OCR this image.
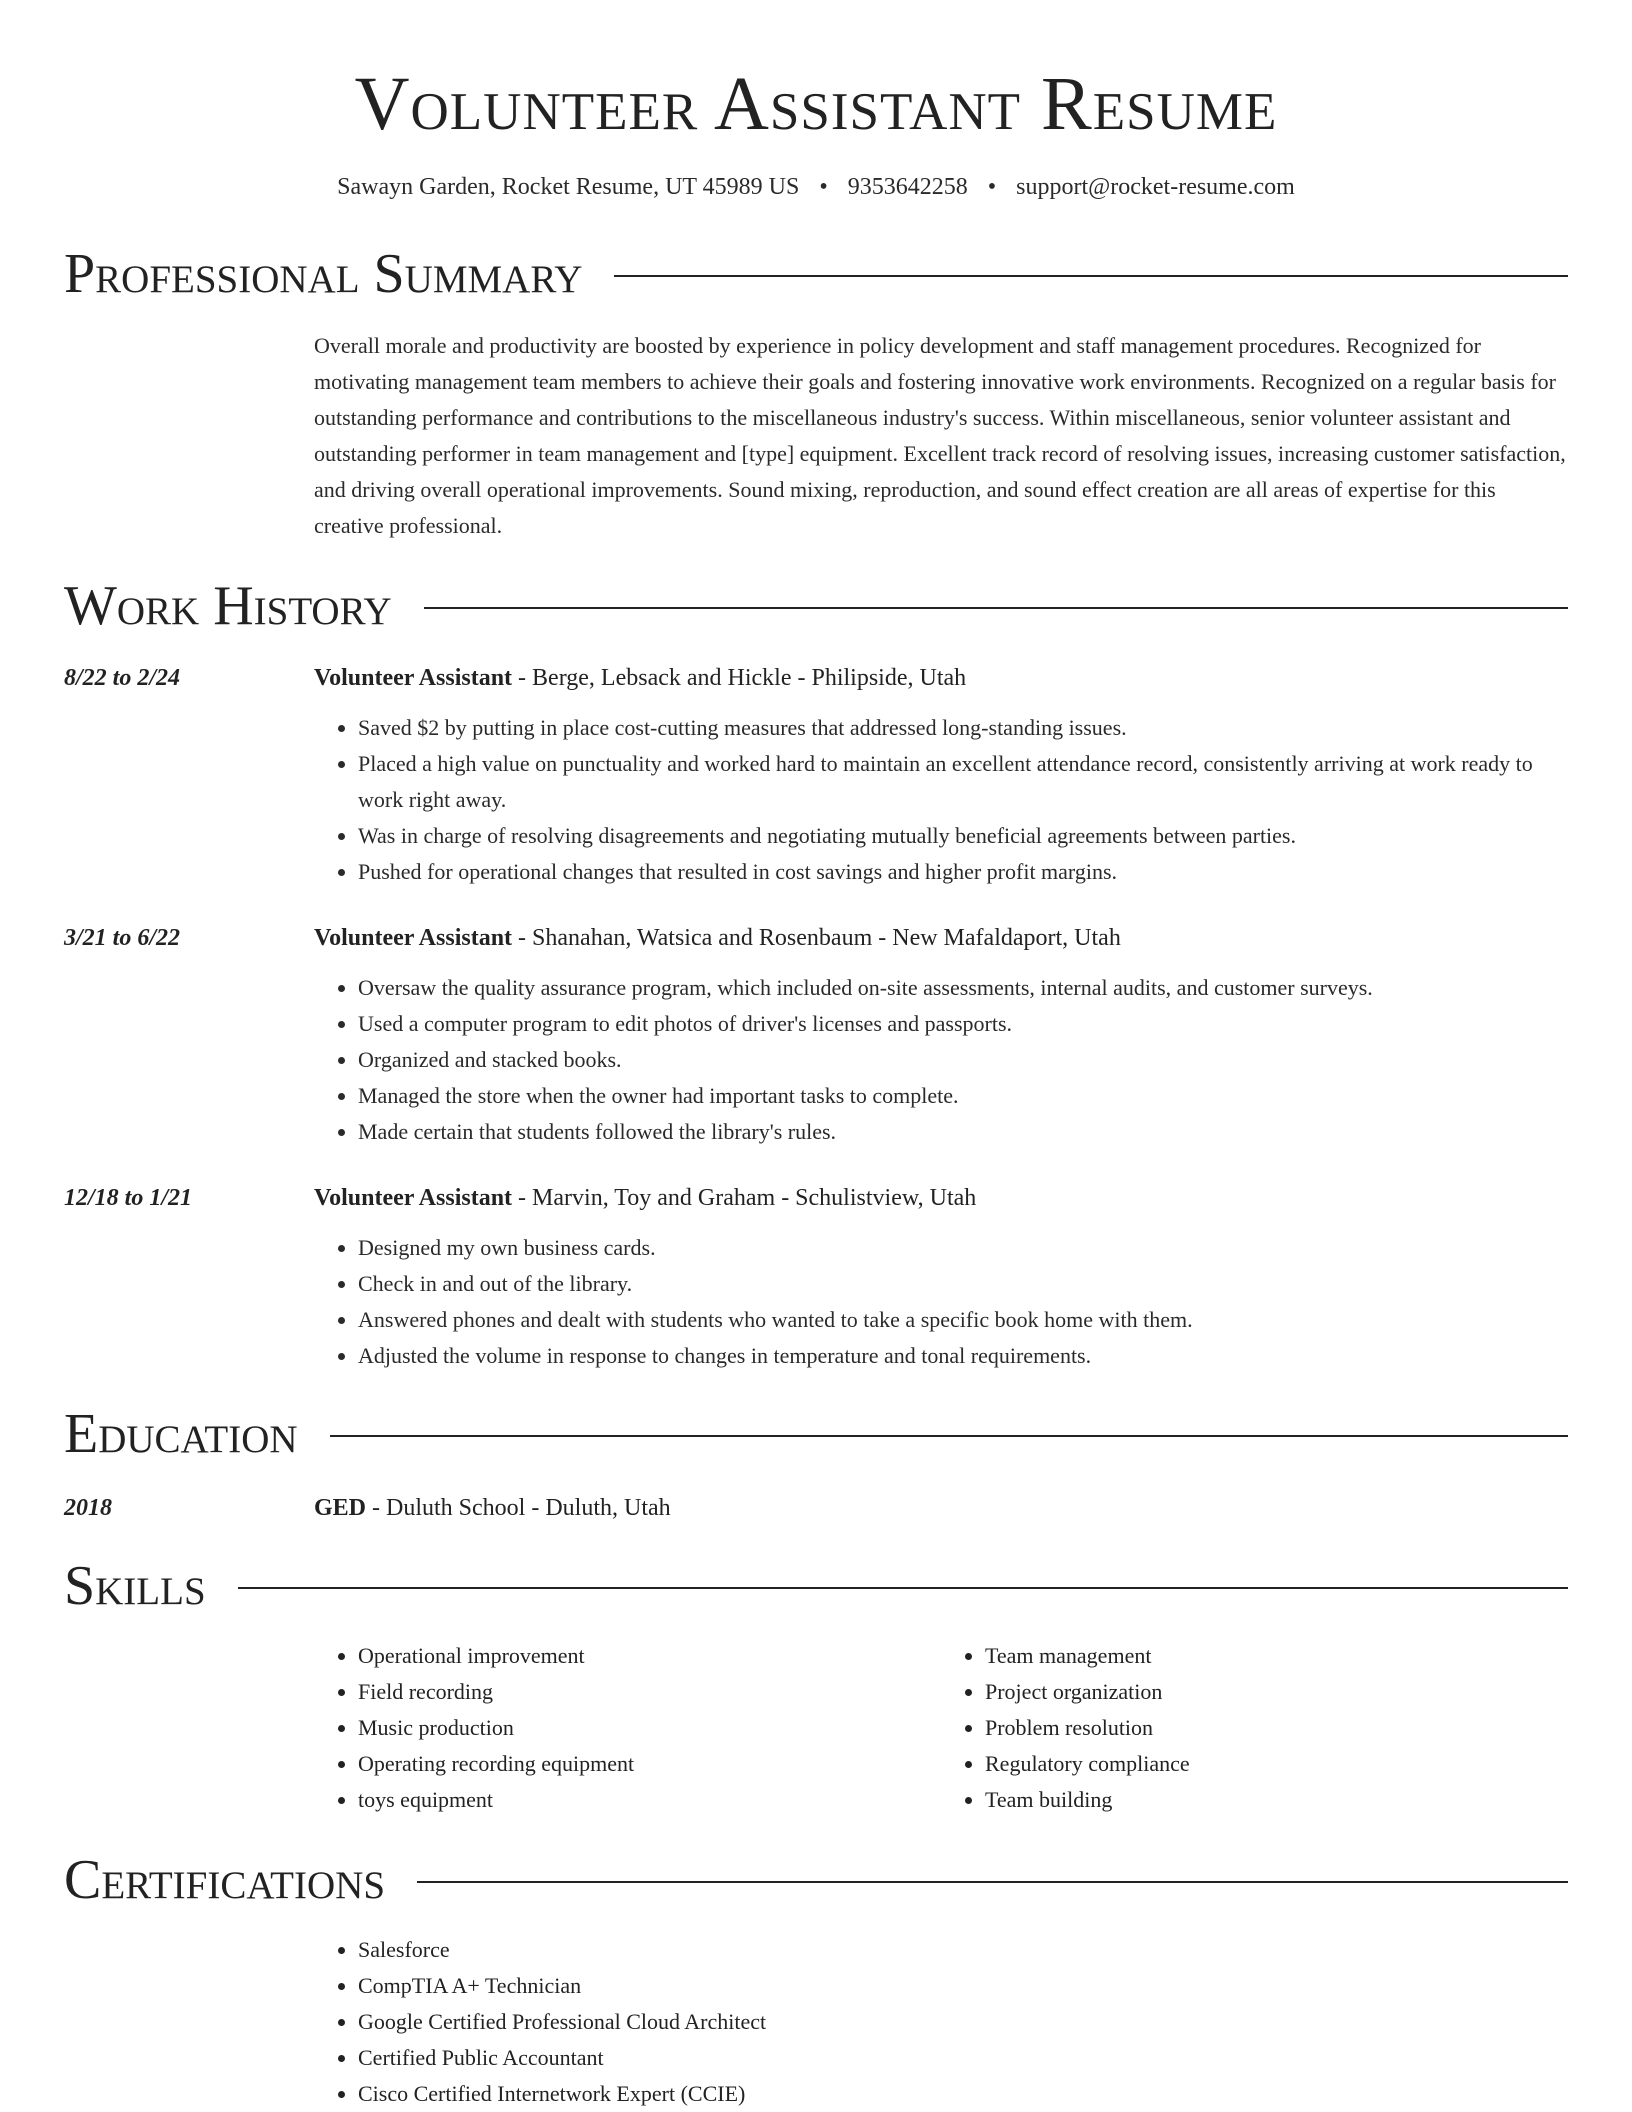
Volunteer Assistant Resume
Sawayn Garden, Rocket Resume, UT 45989 US • 9353642258 • support@rocket-resume.com
Professional Summary
Overall morale and productivity are boosted by experience in policy development and staff management procedures. Recognized for motivating management team members to achieve their goals and fostering innovative work environments. Recognized on a regular basis for outstanding performance and contributions to the miscellaneous industry's success. Within miscellaneous, senior volunteer assistant and outstanding performer in team management and [type] equipment. Excellent track record of resolving issues, increasing customer satisfaction, and driving overall operational improvements. Sound mixing, reproduction, and sound effect creation are all areas of expertise for this creative professional.
Work History
8/22 to 2/24	Volunteer Assistant - Berge, Lebsack and Hickle - Philipside, Utah
• Saved $2 by putting in place cost-cutting measures that addressed long-standing issues.
• Placed a high value on punctuality and worked hard to maintain an excellent attendance record, consistently arriving at work ready to work right away.
• Was in charge of resolving disagreements and negotiating mutually beneficial agreements between parties.
• Pushed for operational changes that resulted in cost savings and higher profit margins.
3/21 to 6/22	Volunteer Assistant - Shanahan, Watsica and Rosenbaum - New Mafaldaport, Utah
• Oversaw the quality assurance program, which included on-site assessments, internal audits, and customer surveys.
• Used a computer program to edit photos of driver's licenses and passports.
• Organized and stacked books.
• Managed the store when the owner had important tasks to complete.
• Made certain that students followed the library's rules.
12/18 to 1/21	Volunteer Assistant - Marvin, Toy and Graham - Schulistview, Utah
• Designed my own business cards.
• Check in and out of the library.
• Answered phones and dealt with students who wanted to take a specific book home with them.
• Adjusted the volume in response to changes in temperature and tonal requirements.
Education
2018	GED - Duluth School - Duluth, Utah
Skills
• Operational improvement
• Field recording
• Music production
• Operating recording equipment
• toys equipment
• Team management
• Project organization
• Problem resolution
• Regulatory compliance
• Team building
Certifications
• Salesforce
• CompTIA A+ Technician
• Google Certified Professional Cloud Architect
• Certified Public Accountant
• Cisco Certified Internetwork Expert (CCIE)
